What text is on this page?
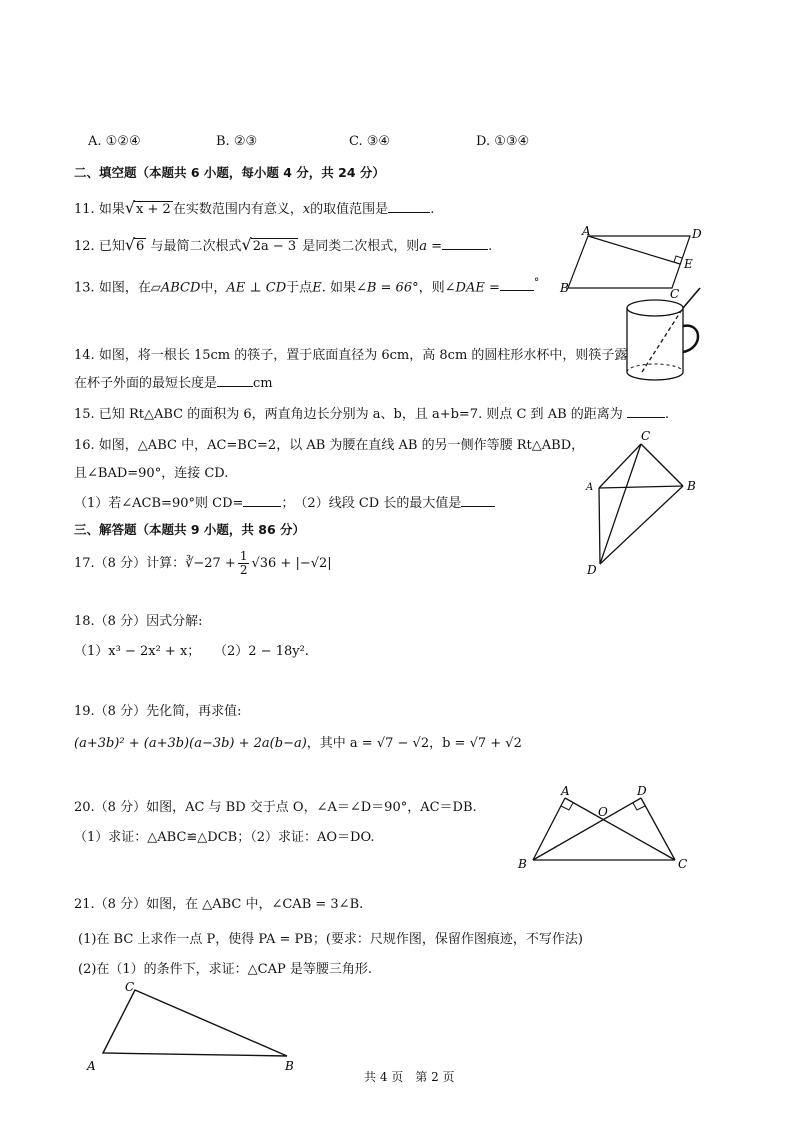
A. ①②④	B. ②③	C. ③④	D. ①③④
二、填空题（本题共 6 小题，每小题 4 分，共 24 分）
11. 如果√x + 2 在实数范围内有意义，x的取值范围是	.
12. 已知√6 与最简二次根式√2a − 3 是同类二次根式，则a =	.
13. 如图，在▱ABCD中，AE ⊥ CD于点E. 如果∠B = 66°，则∠DAE =	°
A	D
E
B	C
14. 如图，将一根长 15cm 的筷子，置于底面直径为 6cm，高 8cm 的圆柱形水杯中，则筷子露
在杯子外面的最短长度是	cm
15. 已知 Rt△ABC 的面积为 6，两直角边长分别为 a、b，且 a+b=7. 则点 C 到 AB 的距离为	.
16. 如图，△ABC 中，AC=BC=2，以 AB 为腰在直线 AB 的另一侧作等腰 Rt△ABD，
且∠BAD=90°，连接 CD.
（1）若∠ACB=90°则 CD=	；　 （2）线段 CD 长的最大值是
C
A	B
D
三、解答题（本题共 9 小题，共 86 分）
17.（8 分）计算：∛−27 + $\frac{1}{2} √36 + |-√2|$
18.（8 分）因式分解:
（1）x³ − 2x² + x； （2）2 − 18y².
19.（8 分）先化简，再求值:
(a+3b)² + (a+3b)(a−3b) + 2a(b−a)，其中 a = √7 − √2，b = √7 + √2
20.（8 分）如图，AC 与 BD 交于点 O，∠A＝∠D＝90°，AC＝DB.
（1）求证：△ABC≌△DCB；（2）求证：AO＝DO.
A	D
O
B	C
21.（8 分）如图，在 △ABC 中，∠CAB = 3∠B.
(1)在 BC 上求作一点 P，使得 PA = PB；(要求：尺规作图，保留作图痕迹，不写作法)
(2)在（1）的条件下，求证：△CAP 是等腰三角形.
C
A	B
共 4 页　第 2 页
